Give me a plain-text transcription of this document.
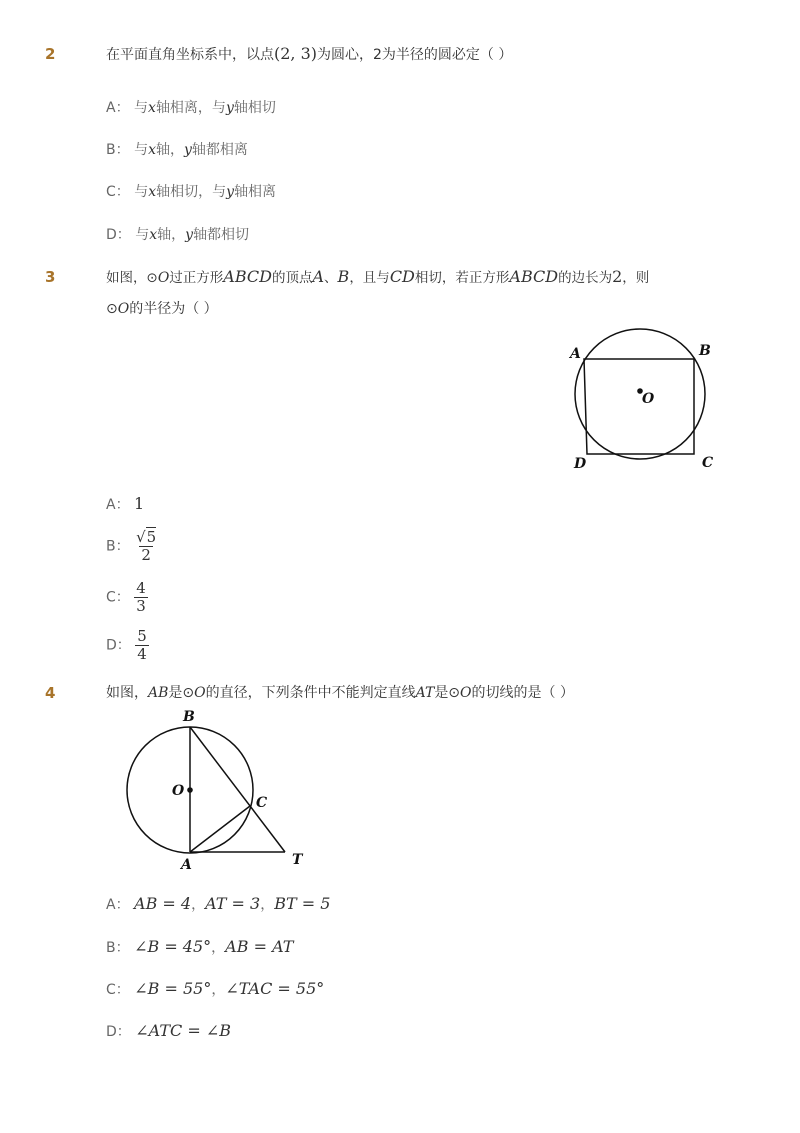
2	在平面直角坐标系中，以点(2, 3)为圆心，2为半径的圆必定（ ）
A： 与x轴相离，与y轴相切
B： 与x轴，y轴都相离
C： 与x轴相切，与y轴相离
D： 与x轴，y轴都相切
3	如图，⊙O过正方形ABCD的顶点A、B，且与CD相切，若正方形ABCD的边长为2，则
⊙O的半径为（ ）
A	B
C
D
O
A： 1
B： $\frac{√5}{2}$
C： $\frac{4}{3}$
D： $\frac{5}{4}$
4	如图，AB是⊙O的直径，下列条件中不能判定直线AT是⊙O的切线的是（ ）
B
O
C
A	T
A： AB = 4，AT = 3，BT = 5
B： ∠B = 45°，AB = AT
C： ∠B = 55°，∠TAC = 55°
D： ∠ATC = ∠B
